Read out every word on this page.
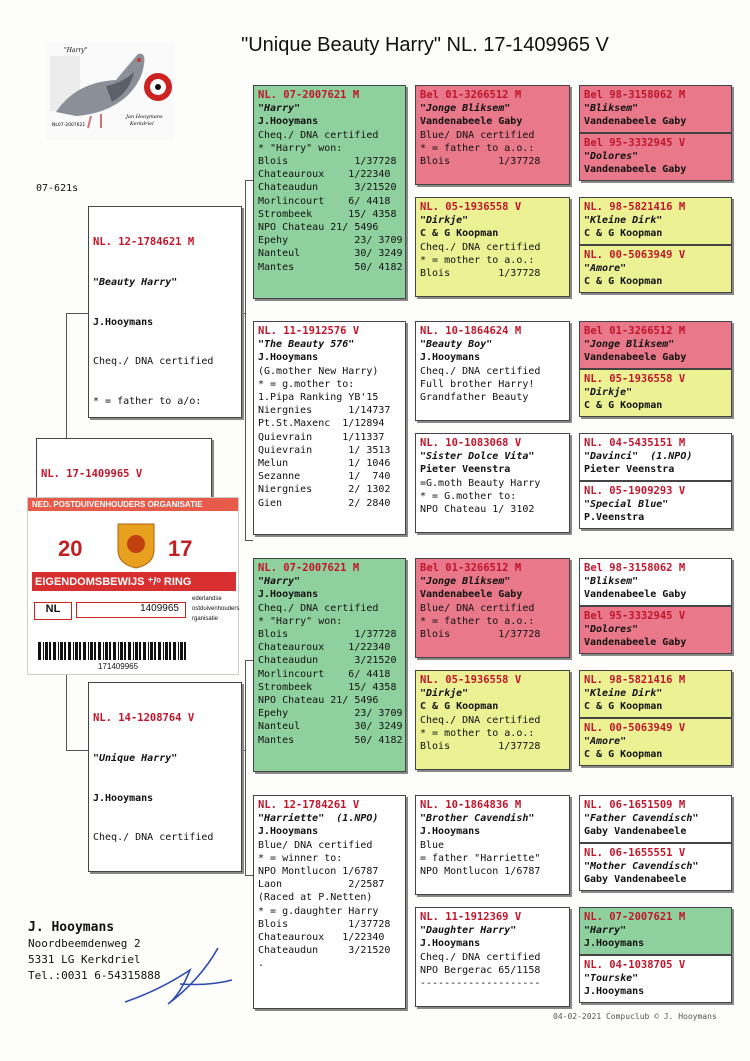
"Unique Beauty Harry" NL. 17-1409965 V
"Harry"
NL07-2007621
Jan Hooymans
Kerkdriel
07-621s

NL. 17-1409965 V

NL. 12-1784621 M

"Beauty Harry"

J.Hooymans

Cheq./ DNA certified

* = father to a/o:

NED. POSTDUIVENHOUDERS ORGANISATIE
20	17
EIGENDOMSBEWIJS ⁺/ᵒ RING
NL	1409965
ederlandse
ostduivenhouders
rganisatie
171409965

NL. 14-1208764 V

"Unique Harry"

J.Hooymans

Cheq./ DNA certified

NL. 07-2007621 M
"Harry"
J.Hooymans
Cheq./ DNA certified
* "Harry" won:
Blois           1/37728
Chateauroux    1/22340
Chateaudun      3/21520
Morlincourt    6/ 4418
Strombeek      15/ 4358
NPO Chateau 21/ 5496
Epehy           23/ 3709
Nanteul         30/ 3249
Mantes          50/ 4182
NL. 11-1912576 V
"The Beauty 576"
J.Hooymans
(G.mother New Harry)
* = g.mother to:
1.Pipa Ranking YB'15
Niergnies      1/14737
Pt.St.Maxenc  1/12894
Quievrain     1/11337
Quievrain      1/ 3513
Melun          1/ 1046
Sezanne        1/  740
Niergnies      2/ 1302
Gien           2/ 2840
NL. 07-2007621 M
"Harry"
J.Hooymans
Cheq./ DNA certified
* "Harry" won:
Blois           1/37728
Chateauroux    1/22340
Chateaudun      3/21520
Morlincourt    6/ 4418
Strombeek      15/ 4358
NPO Chateau 21/ 5496
Epehy           23/ 3709
Nanteul         30/ 3249
Mantes          50/ 4182
NL. 12-1784261 V
"Harriette"  (1.NPO)
J.Hooymans
Blue/ DNA certified
* = winner to:
NPO Montlucon 1/6787
Laon           2/2587
(Raced at P.Netten)
* = g.daughter Harry
Blois          1/37728
Chateauroux   1/22340
Chateaudun     3/21520
.
Bel 01-3266512 M
"Jonge Bliksem"
Vandenabeele Gaby
Blue/ DNA certified
* = father to a.o.:
Blois        1/37728
NL. 05-1936558 V
"Dirkje"
C & G Koopman
Cheq./ DNA certified
* = mother to a.o.:
Blois        1/37728
NL. 10-1864624 M
"Beauty Boy"
J.Hooymans
Cheq./ DNA certified
Full brother Harry!
Grandfather Beauty
NL. 10-1083068 V
"Sister Dolce Vita"
Pieter Veenstra
=G.moth Beauty Harry
* = G.mother to:
NPO Chateau 1/ 3102
Bel 01-3266512 M
"Jonge Bliksem"
Vandenabeele Gaby
Blue/ DNA certified
* = father to a.o.:
Blois        1/37728
NL. 05-1936558 V
"Dirkje"
C & G Koopman
Cheq./ DNA certified
* = mother to a.o.:
Blois        1/37728
NL. 10-1864836 M
"Brother Cavendish"
J.Hooymans
Blue
= father "Harriette"
NPO Montlucon 1/6787
NL. 11-1912369 V
"Daughter Harry"
J.Hooymans
Cheq./ DNA certified
NPO Bergerac 65/1158
--------------------
Bel 98-3158062 M
"Bliksem"
Vandenabeele Gaby
Bel 95-3332945 V
"Dolores"
Vandenabeele Gaby
NL. 98-5821416 M
"Kleine Dirk"
C & G Koopman
NL. 00-5063949 V
"Amore"
C & G Koopman
Bel 01-3266512 M
"Jonge Bliksem"
Vandenabeele Gaby
NL. 05-1936558 V
"Dirkje"
C & G Koopman
NL. 04-5435151 M
"Davinci"  (1.NPO)
Pieter Veenstra
NL. 05-1909293 V
"Special Blue"
P.Veenstra
Bel 98-3158062 M
"Bliksem"
Vandenabeele Gaby
Bel 95-3332945 V
"Dolores"
Vandenabeele Gaby
NL. 98-5821416 M
"Kleine Dirk"
C & G Koopman
NL. 00-5063949 V
"Amore"
C & G Koopman
NL. 06-1651509 M
"Father Cavendisch"
Gaby Vandenabeele
NL. 06-1655551 V
"Mother Cavendisch"
Gaby Vandenabeele
NL. 07-2007621 M
"Harry"
J.Hooymans
NL. 04-1038705 V
"Tourske"
J.Hooymans
J. Hooymans
Noordbeemdenweg 2
5331 LG Kerkdriel
Tel.:0031 6-54315888
04-02-2021 Compuclub © J. Hooymans
